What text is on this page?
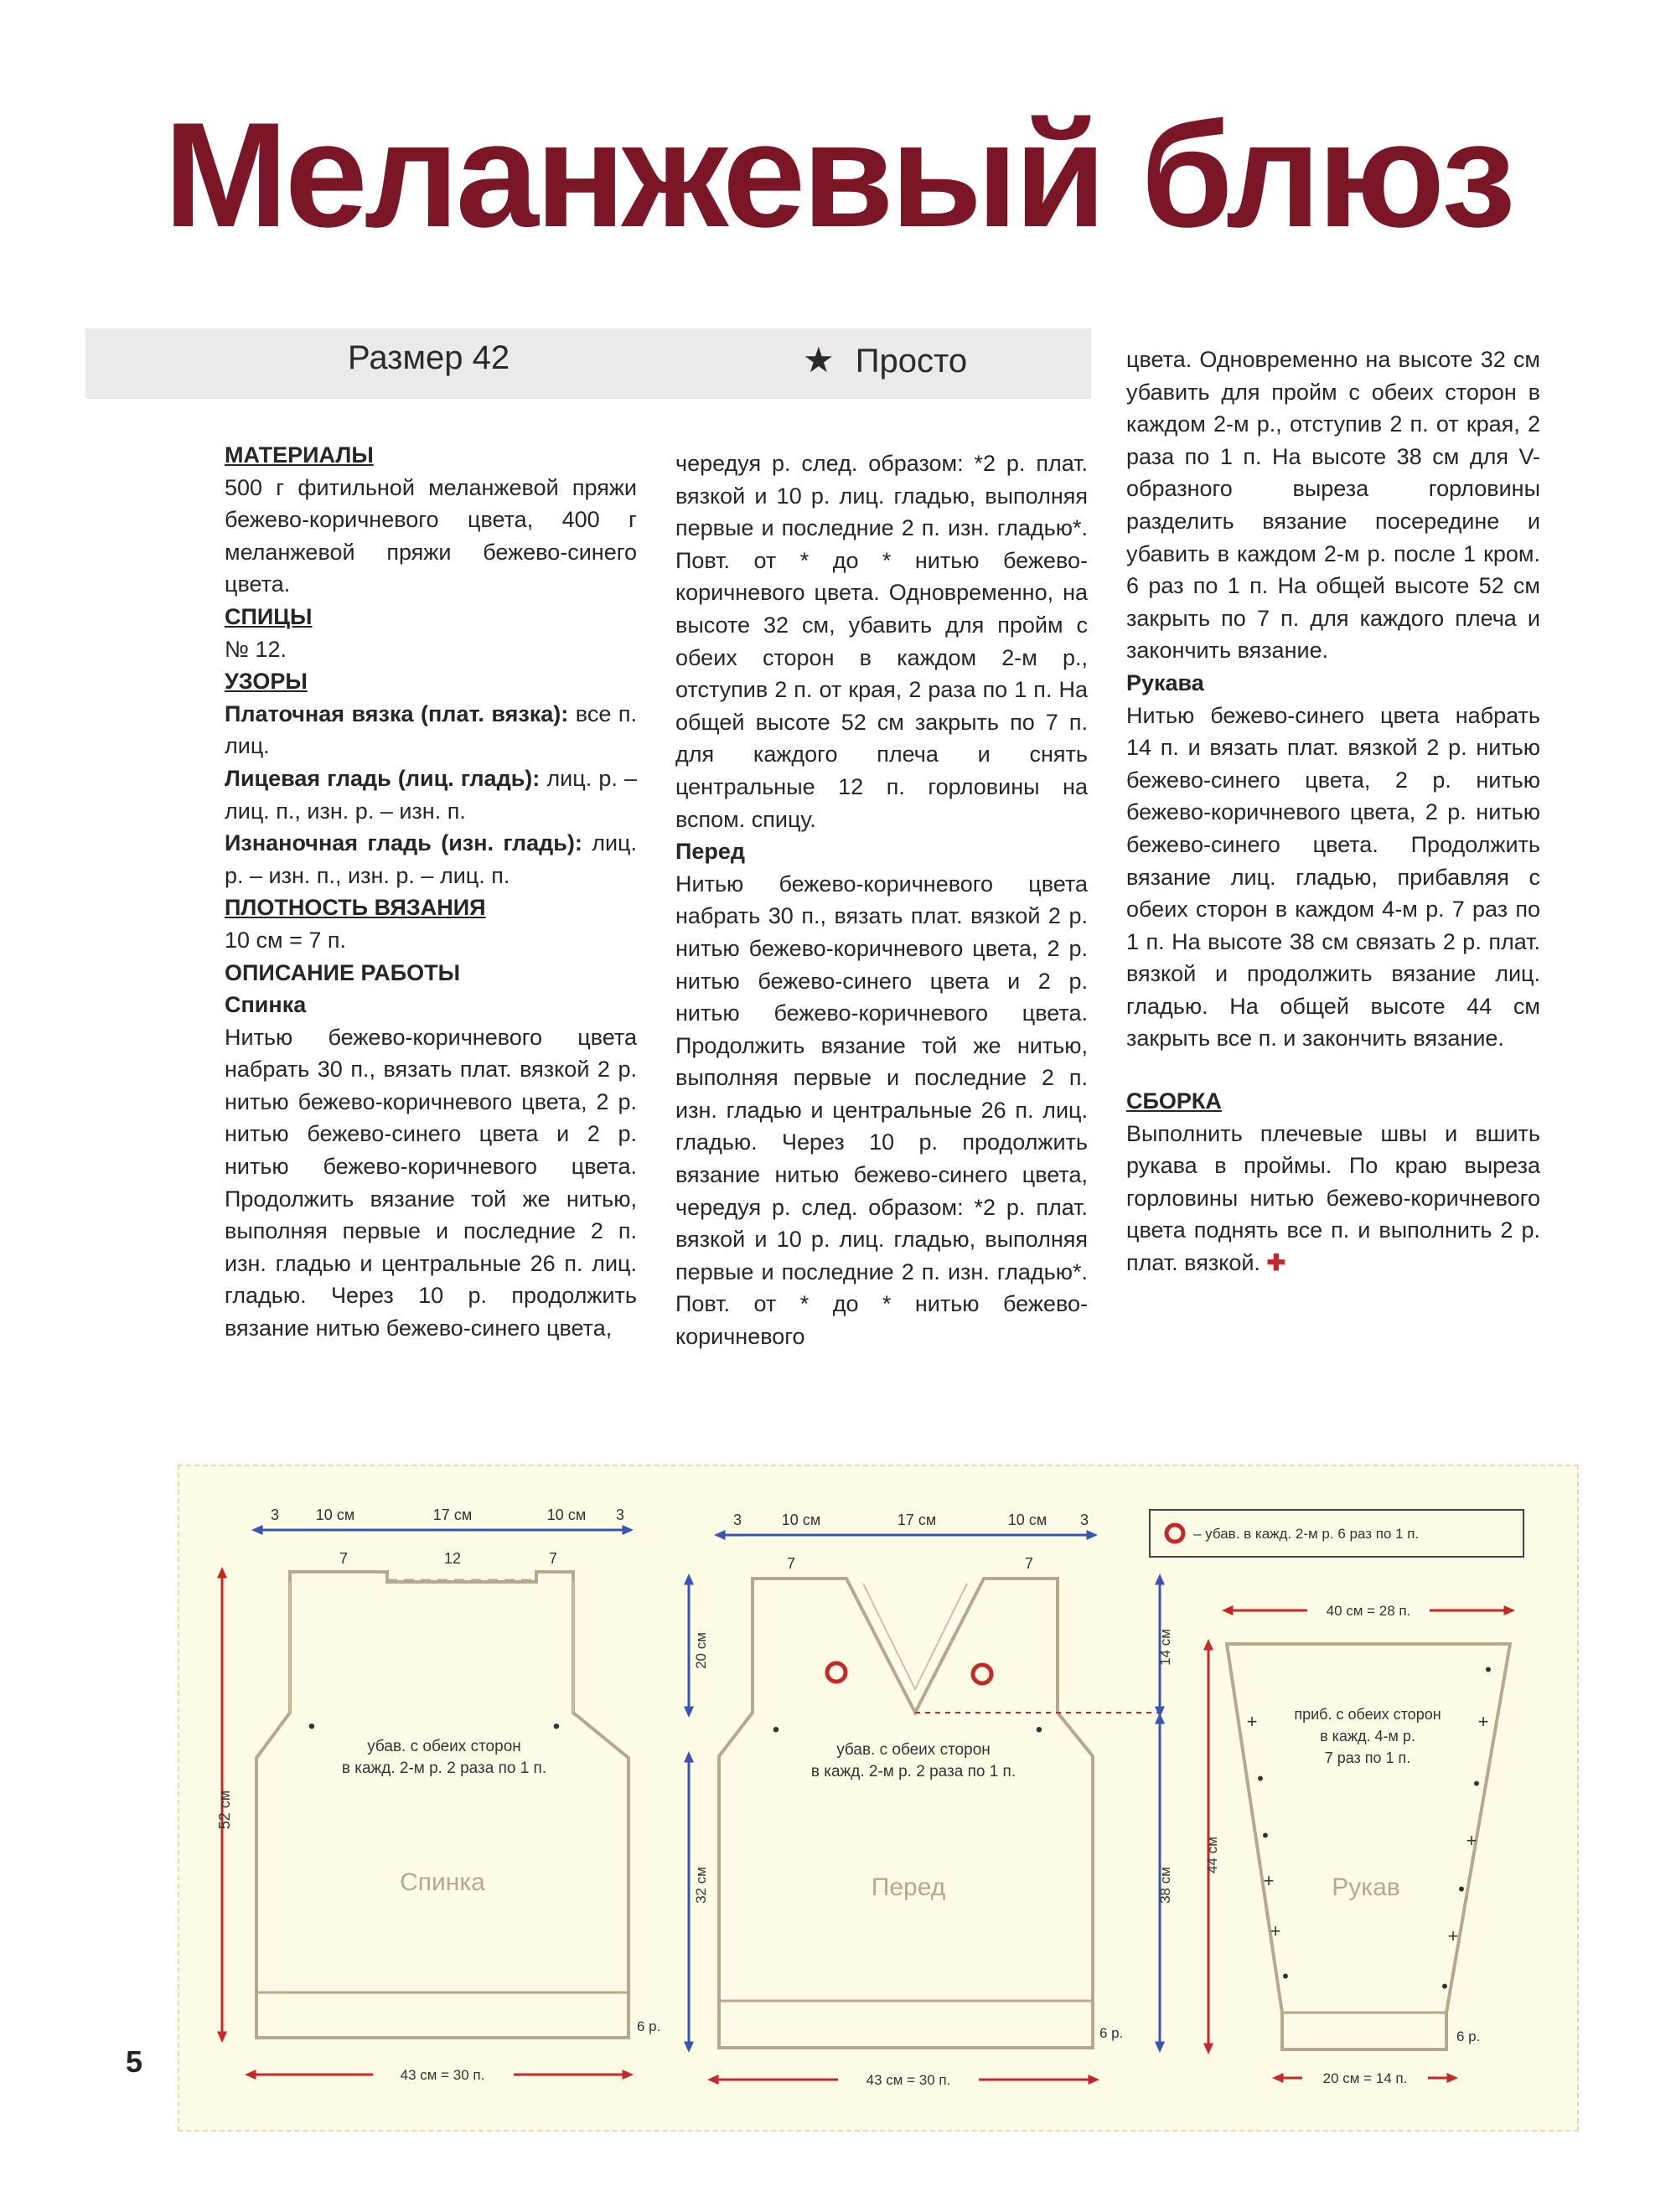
Меланжевый блюз
Размер 42	★ Просто
МАТЕРИАЛЫ

500 г фитильной меланжевой пряжи бежево-коричневого цвета, 400 г меланжевой пряжи бежево-синего цвета.

СПИЦЫ

№ 12.

УЗОРЫ

Платочная вязка (плат. вязка): все п. лиц.

Лицевая гладь (лиц. гладь): лиц. р. – лиц. п., изн. р. – изн. п.

Изнаночная гладь (изн. гладь): лиц. р. – изн. п., изн. р. – лиц. п.

ПЛОТНОСТЬ ВЯЗАНИЯ

10 см = 7 п.

ОПИСАНИЕ РАБОТЫ
Спинка

Нитью бежево-коричневого цвета набрать 30 п., вязать плат. вязкой 2 р. нитью бежево-коричневого цвета, 2 р. нитью бежево-синего цвета и 2 р. нитью бежево-коричневого цвета. Продолжить вязание той же нитью, выполняя первые и последние 2 п. изн. гладью и центральные 26 п. лиц. гладью. Через 10 р. продолжить вязание нитью бежево-синего цвета,

чередуя р. след. образом: *2 р. плат. вязкой и 10 р. лиц. гладью, выполняя первые и последние 2 п. изн. гладью*. Повт. от * до * нитью бежево-коричневого цвета. Одновременно, на высоте 32 см, убавить для пройм с обеих сторон в каждом 2-м р., отступив 2 п. от края, 2 раза по 1 п. На общей высоте 52 см закрыть по 7 п. для каждого плеча и снять центральные 12 п. горловины на вспом. спицу.

Перед

Нитью бежево-коричневого цвета набрать 30 п., вязать плат. вязкой 2 р. нитью бежево-коричневого цвета, 2 р. нитью бежево-синего цвета и 2 р. нитью бежево-коричневого цвета. Продолжить вязание той же нитью, выполняя первые и последние 2 п. изн. гладью и центральные 26 п. лиц. гладью. Через 10 р. продолжить вязание нитью бежево-синего цвета, чередуя р. след. образом: *2 р. плат. вязкой и 10 р. лиц. гладью, выполняя первые и последние 2 п. изн. гладью*. Повт. от * до * нитью бежево-коричневого

цвета. Одновременно на высоте 32 см убавить для пройм с обеих сторон в каждом 2-м р., отступив 2 п. от края, 2 раза по 1 п. На высоте 38 см для V-образного выреза горловины разделить вязание посередине и убавить в каждом 2-м р. после 1 кром. 6 раз по 1 п. На общей высоте 52 см закрыть по 7 п. для каждого плеча и закончить вязание.

Рукава

Нитью бежево-синего цвета набрать 14 п. и вязать плат. вязкой 2 р. нитью бежево-синего цвета, 2 р. нитью бежево-коричневого цвета, 2 р. нитью бежево-синего цвета. Продолжить вязание лиц. гладью, прибавляя с обеих сторон в каждом 4-м р. 7 раз по 1 п. На высоте 38 см связать 2 р. плат. вязкой и продолжить вязание лиц. гладью. На общей высоте 44 см закрыть все п. и закончить вязание.

СБОРКА

Выполнить плечевые швы и вшить рукава в проймы. По краю выреза горловины нитью бежево-коричневого цвета поднять все п. и выполнить 2 р. плат. вязкой. ✚

3 10 см	17 см	10 см 3
7	12	7
52 см
•	•
убав. с обеих сторон
в кажд. 2-м р. 2 раза по 1 п.
Спинка
6 р.
43 см = 30 п.
3	10 см	17 см	10 см 3
7	7
20 см
32 см
14 см
38 см
•	•
убав. с обеих сторон
в кажд. 2-м р. 2 раза по 1 п.
Перед
6 р.
43 см = 30 п.
– убав. в кажд. 2-м р. 6 раз по 1 п.
40 см = 28 п.
44 см
+
•
•
+
+
•
•
+
•
+
•
+
•
приб. с обеих сторон
в кажд. 4-м р.
7 раз по 1 п.
Рукав
6 р.
20 см = 14 п.
5
